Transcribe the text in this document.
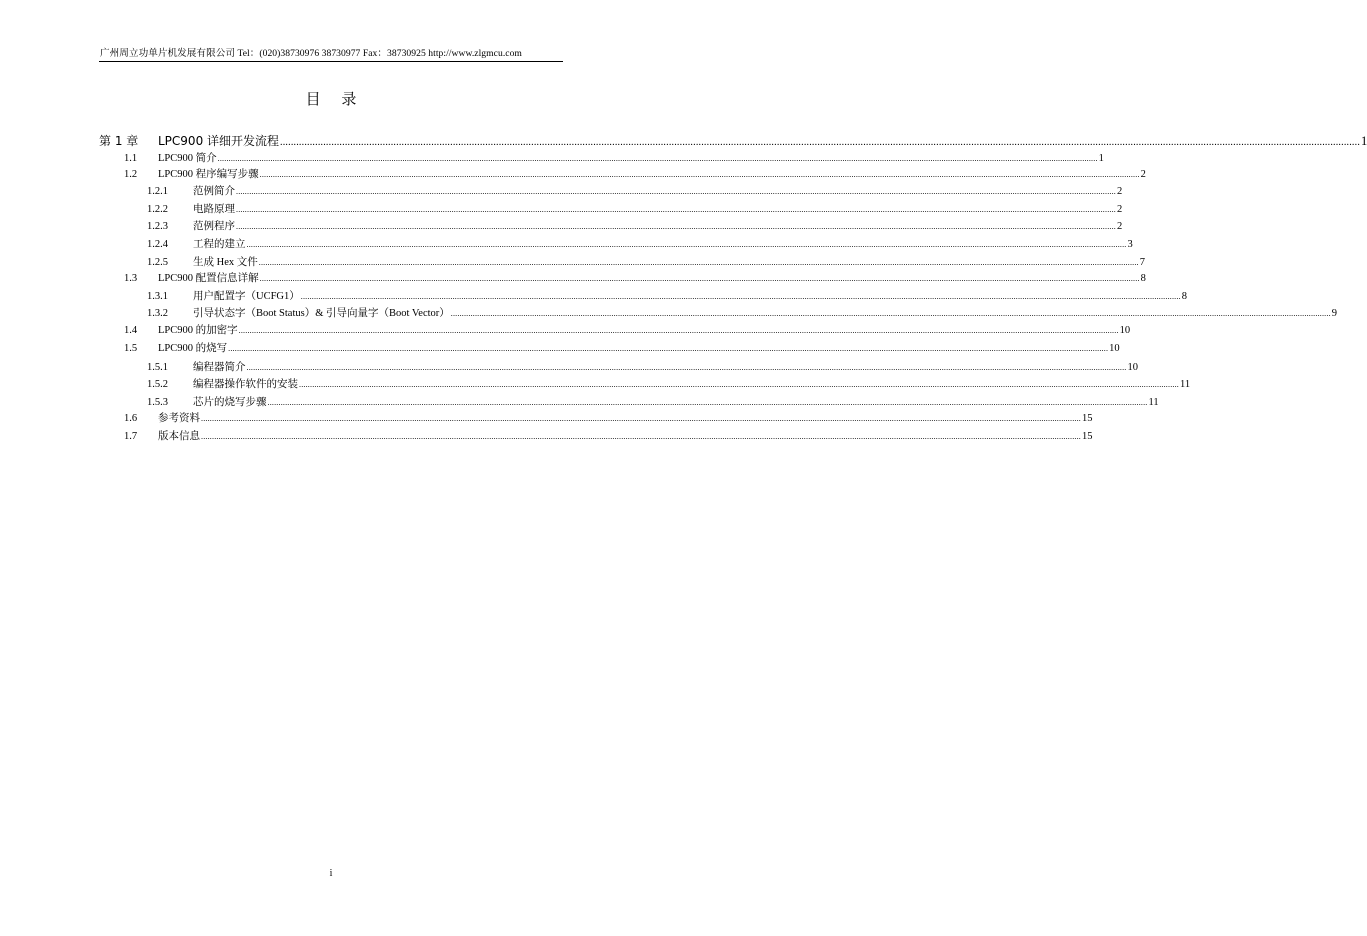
广州周立功单片机发展有限公司 Tel：(020)38730976 38730977 Fax：38730925 http://www.zlgmcu.com
目 录
第 1 章 LPC900 详细开发流程 ................................................................................................................................................................................................................................................................................................................................................................................................................ 1
1.1 LPC900 简介 ................................................................................................................................................................................................................................................................................................................................................................................................................ 1
1.2 LPC900 程序编写步骤 ................................................................................................................................................................................................................................................................................................................................................................................................................ 2
1.2.1 范例简介 ................................................................................................................................................................................................................................................................................................................................................................................................................ 2
1.2.2 电路原理 ................................................................................................................................................................................................................................................................................................................................................................................................................ 2
1.2.3 范例程序 ................................................................................................................................................................................................................................................................................................................................................................................................................ 2
1.2.4 工程的建立 ................................................................................................................................................................................................................................................................................................................................................................................................................ 3
1.2.5 生成 Hex 文件 ................................................................................................................................................................................................................................................................................................................................................................................................................ 7
1.3 LPC900 配置信息详解 ................................................................................................................................................................................................................................................................................................................................................................................................................ 8
1.3.1 用户配置字（UCFG1） ................................................................................................................................................................................................................................................................................................................................................................................................................ 8
1.3.2 引导状态字（Boot Status）& 引导向量字（Boot Vector） ................................................................................................................................................................................................................................................................................................................................................................................................................ 9
1.4 LPC900 的加密字 ................................................................................................................................................................................................................................................................................................................................................................................................................ 10
1.5 LPC900 的烧写 ................................................................................................................................................................................................................................................................................................................................................................................................................ 10
1.5.1 编程器简介 ................................................................................................................................................................................................................................................................................................................................................................................................................ 10
1.5.2 编程器操作软件的安装 ................................................................................................................................................................................................................................................................................................................................................................................................................ 11
1.5.3 芯片的烧写步骤 ................................................................................................................................................................................................................................................................................................................................................................................................................ 11
1.6 参考资料 ................................................................................................................................................................................................................................................................................................................................................................................................................ 15
1.7 版本信息 ................................................................................................................................................................................................................................................................................................................................................................................................................ 15
i
